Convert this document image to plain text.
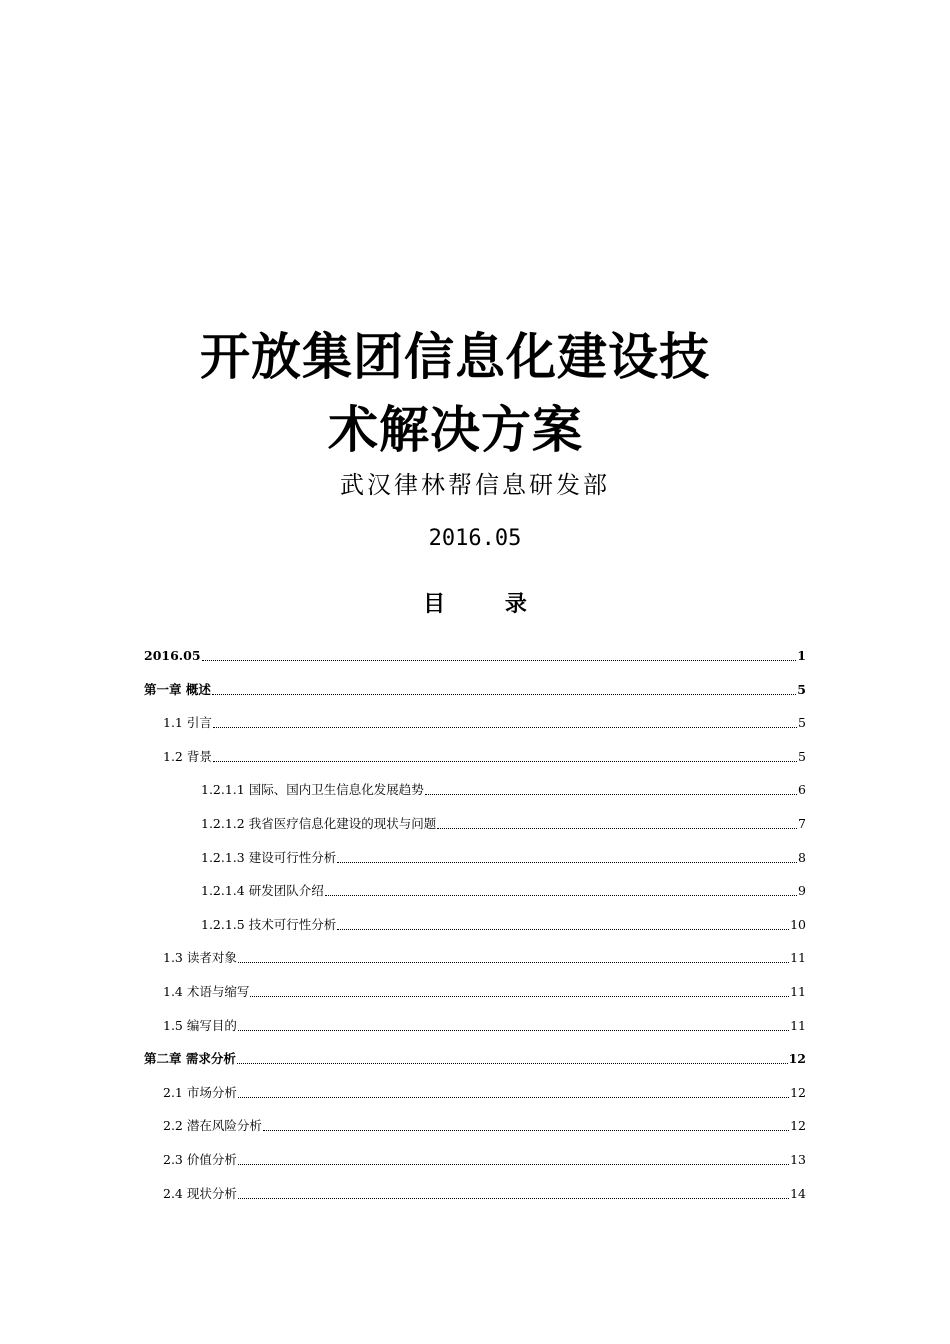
开放集团信息化建设技
术解决方案
武汉律林帮信息研发部
2016.05
目 录
2016.05	1
第一章 概述	5
1.1 引言	5
1.2 背景	5
1.2.1.1 国际、国内卫生信息化发展趋势	6
1.2.1.2 我省医疗信息化建设的现状与问题	7
1.2.1.3 建设可行性分析	8
1.2.1.4 研发团队介绍	9
1.2.1.5 技术可行性分析	10
1.3 读者对象	11
1.4 术语与缩写	11
1.5 编写目的	11
第二章 需求分析	12
2.1 市场分析	12
2.2 潜在风险分析	12
2.3 价值分析	13
2.4 现状分析	14
